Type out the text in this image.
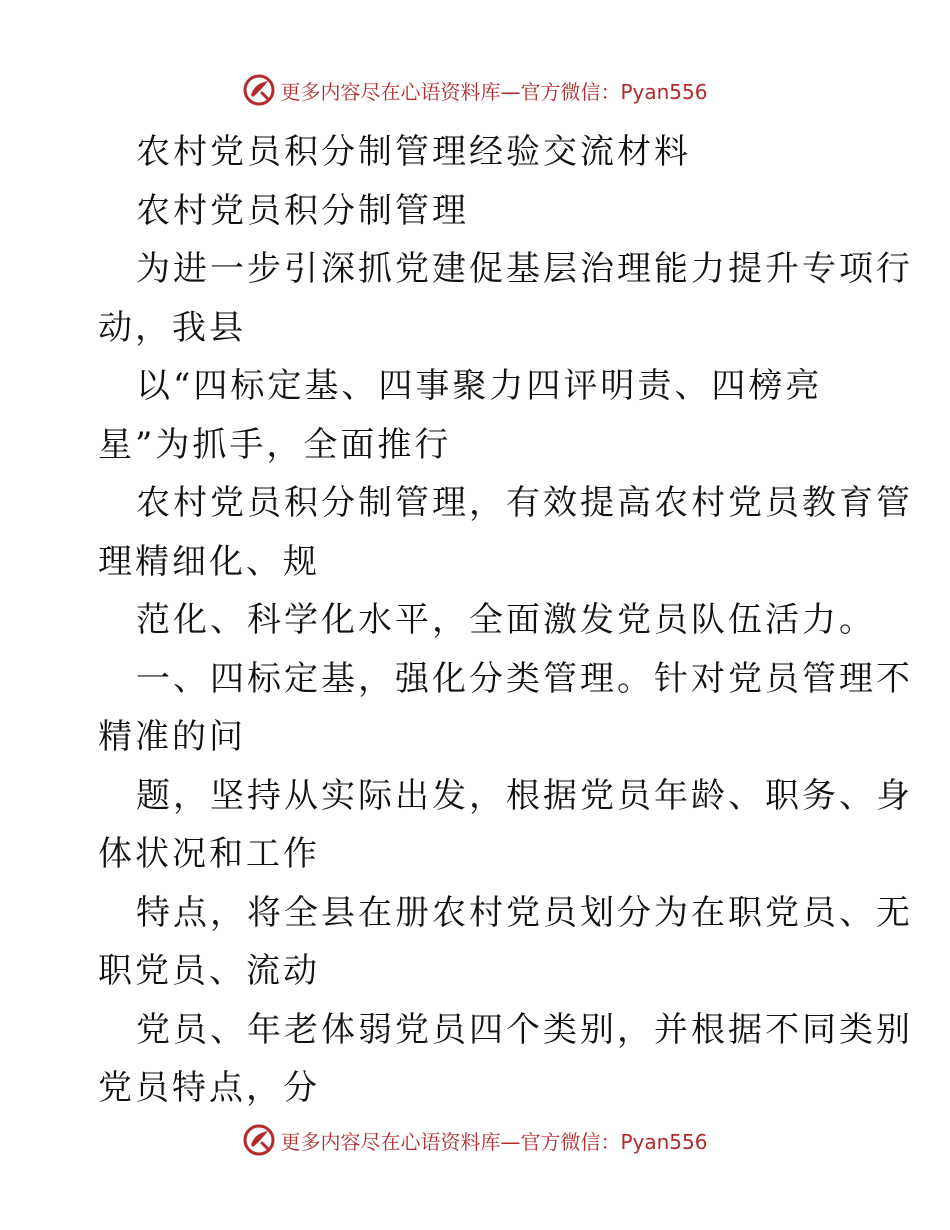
更多内容尽在心语资料库—官方微信：Pyan556
农村党员积分制管理经验交流材料
农村党员积分制管理
为进一步引深抓党建促基层治理能力提升专项行
动，我县
以“四标定基、四事聚力四评明责、四榜亮
星”为抓手，全面推行
农村党员积分制管理，有效提高农村党员教育管
理精细化、规
范化、科学化水平，全面激发党员队伍活力。
一、四标定基，强化分类管理。针对党员管理不
精准的问
题，坚持从实际出发，根据党员年龄、职务、身
体状况和工作
特点，将全县在册农村党员划分为在职党员、无
职党员、流动
党员、年老体弱党员四个类别，并根据不同类别
党员特点，分
更多内容尽在心语资料库—官方微信：Pyan556
